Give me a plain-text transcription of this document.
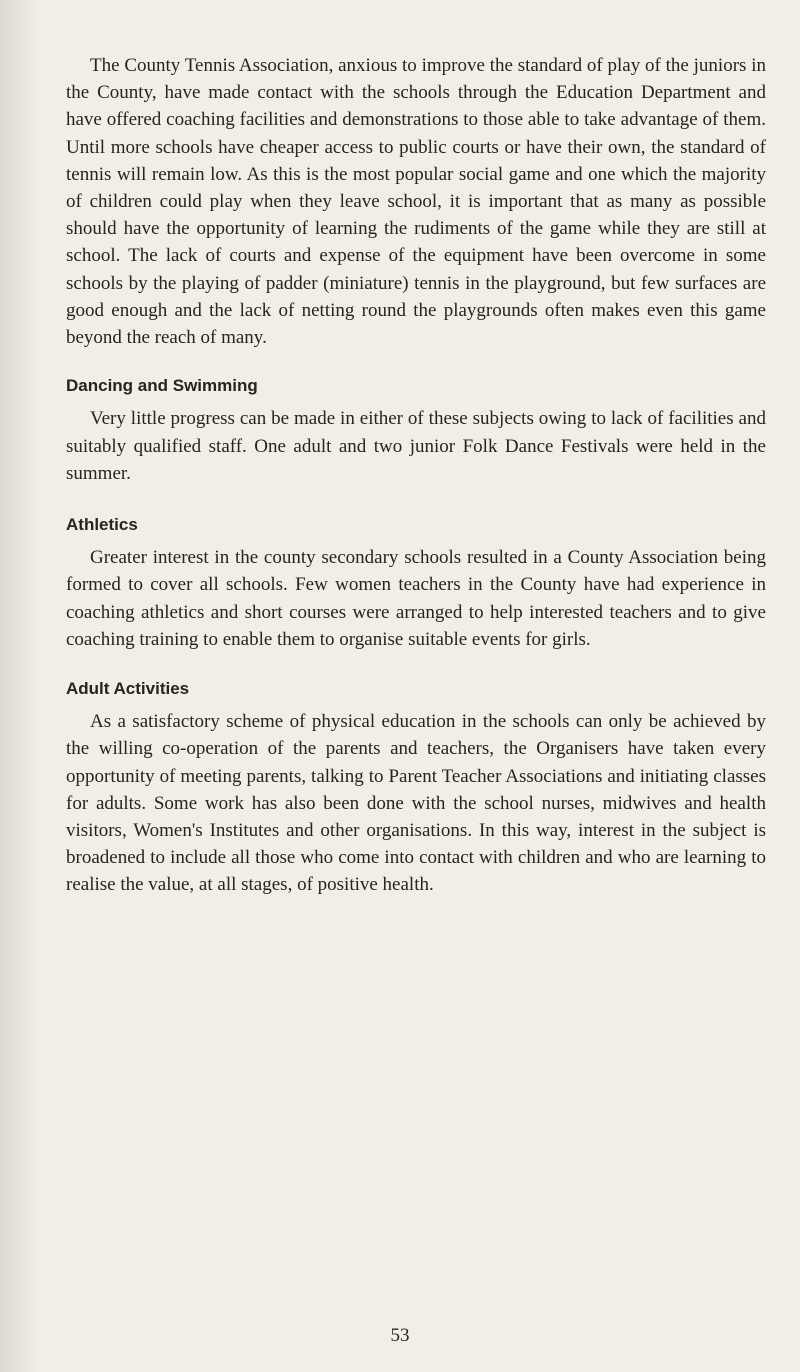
The County Tennis Association, anxious to improve the standard of play of the juniors in the County, have made contact with the schools through the Education Department and have offered coaching facilities and demonstrations to those able to take advantage of them. Until more schools have cheaper access to public courts or have their own, the standard of tennis will remain low. As this is the most popular social game and one which the majority of children could play when they leave school, it is important that as many as possible should have the opportunity of learning the rudiments of the game while they are still at school. The lack of courts and expense of the equipment have been overcome in some schools by the playing of padder (miniature) tennis in the playground, but few surfaces are good enough and the lack of netting round the playgrounds often makes even this game beyond the reach of many.

Dancing and Swimming

Very little progress can be made in either of these subjects owing to lack of facilities and suitably qualified staff. One adult and two junior Folk Dance Festivals were held in the summer.

Athletics

Greater interest in the county secondary schools resulted in a County Association being formed to cover all schools. Few women teachers in the County have had experience in coaching athletics and short courses were arranged to help interested teachers and to give coaching training to enable them to organise suitable events for girls.

Adult Activities

As a satisfactory scheme of physical education in the schools can only be achieved by the willing co-operation of the parents and teachers, the Organisers have taken every opportunity of meeting parents, talking to Parent Teacher Associations and initiating classes for adults. Some work has also been done with the school nurses, midwives and health visitors, Women's Institutes and other organisations. In this way, interest in the subject is broadened to include all those who come into contact with children and who are learning to realise the value, at all stages, of positive health.

53
